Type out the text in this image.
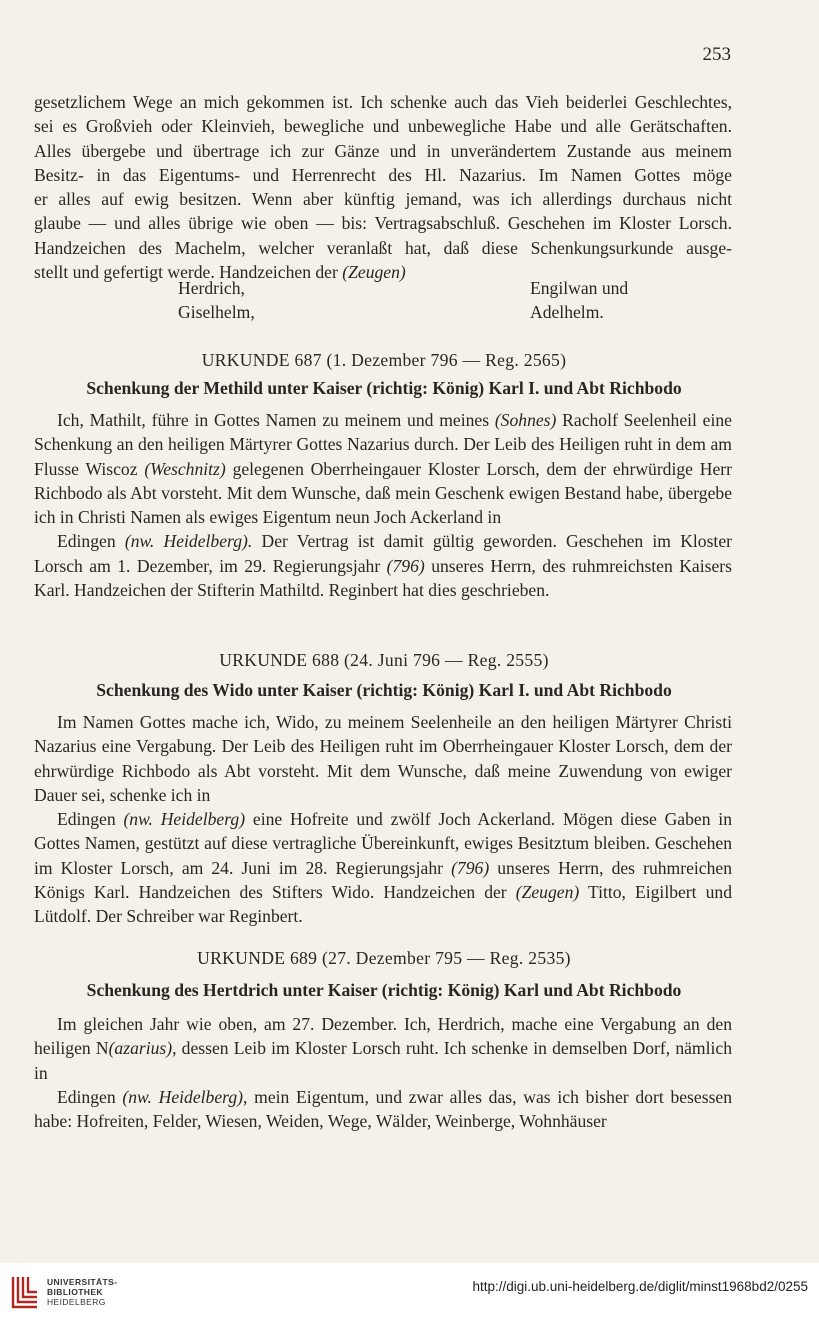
253

gesetzlichem Wege an mich gekommen ist. Ich schenke auch das Vieh beiderlei Geschlechtes,

sei es Großvieh oder Kleinvieh, bewegliche und unbewegliche Habe und alle Gerätschaften.

Alles übergebe und übertrage ich zur Gänze und in unverändertem Zustande aus meinem

Besitz- in das Eigentums- und Herrenrecht des Hl. Nazarius. Im Namen Gottes möge

er alles auf ewig besitzen. Wenn aber künftig jemand, was ich allerdings durchaus nicht

glaube — und alles übrige wie oben — bis: Vertragsabschluß. Geschehen im Kloster Lorsch.

Handzeichen des Machelm, welcher veranlaßt hat, daß diese Schenkungsurkunde ausge-

stellt und gefertigt werde. Handzeichen der (Zeugen)

Herdrich,	Engilwan und
Giselhelm,	Adelhelm.
URKUNDE 687 (1. Dezember 796 — Reg. 2565)
Schenkung der Methild unter Kaiser (richtig: König) Karl I. und Abt Richbodo

Ich, Mathilt, führe in Gottes Namen zu meinem und meines (Sohnes) Racholf Seelenheil eine Schenkung an den heiligen Märtyrer Gottes Nazarius durch. Der Leib des Heiligen ruht in dem am Flusse Wiscoz (Weschnitz) gelegenen Oberrheingauer Kloster Lorsch, dem der ehrwürdige Herr Richbodo als Abt vorsteht. Mit dem Wunsche, daß mein Geschenk ewigen Bestand habe, übergebe ich in Christi Namen als ewiges Eigentum neun Joch Ackerland in

Edingen (nw. Heidelberg). Der Vertrag ist damit gültig geworden. Geschehen im Kloster Lorsch am 1. Dezember, im 29. Regierungsjahr (796) unseres Herrn, des ruhmreichsten Kaisers Karl. Handzeichen der Stifterin Mathiltd. Reginbert hat dies geschrieben.

URKUNDE 688 (24. Juni 796 — Reg. 2555)
Schenkung des Wido unter Kaiser (richtig: König) Karl I. und Abt Richbodo

Im Namen Gottes mache ich, Wido, zu meinem Seelenheile an den heiligen Märtyrer Christi Nazarius eine Vergabung. Der Leib des Heiligen ruht im Oberrheingauer Kloster Lorsch, dem der ehrwürdige Richbodo als Abt vorsteht. Mit dem Wunsche, daß meine Zuwendung von ewiger Dauer sei, schenke ich in

Edingen (nw. Heidelberg) eine Hofreite und zwölf Joch Ackerland. Mögen diese Gaben in Gottes Namen, gestützt auf diese vertragliche Übereinkunft, ewiges Besitztum bleiben. Geschehen im Kloster Lorsch, am 24. Juni im 28. Regierungsjahr (796) unseres Herrn, des ruhmreichen Königs Karl. Handzeichen des Stifters Wido. Handzeichen der (Zeugen) Titto, Eigilbert und Lütdolf. Der Schreiber war Reginbert.

URKUNDE 689 (27. Dezember 795 — Reg. 2535)
Schenkung des Hertdrich unter Kaiser (richtig: König) Karl und Abt Richbodo

Im gleichen Jahr wie oben, am 27. Dezember. Ich, Herdrich, mache eine Vergabung an den heiligen N(azarius), dessen Leib im Kloster Lorsch ruht. Ich schenke in demselben Dorf, nämlich in

Edingen (nw. Heidelberg), mein Eigentum, und zwar alles das, was ich bisher dort besessen habe: Hofreiten, Felder, Wiesen, Weiden, Wege, Wälder, Weinberge, Wohnhäuser

UNIVERSITÄTS-
BIBLIOTHEK
HEIDELBERG
http://digi.ub.uni-heidelberg.de/diglit/minst1968bd2/0255
